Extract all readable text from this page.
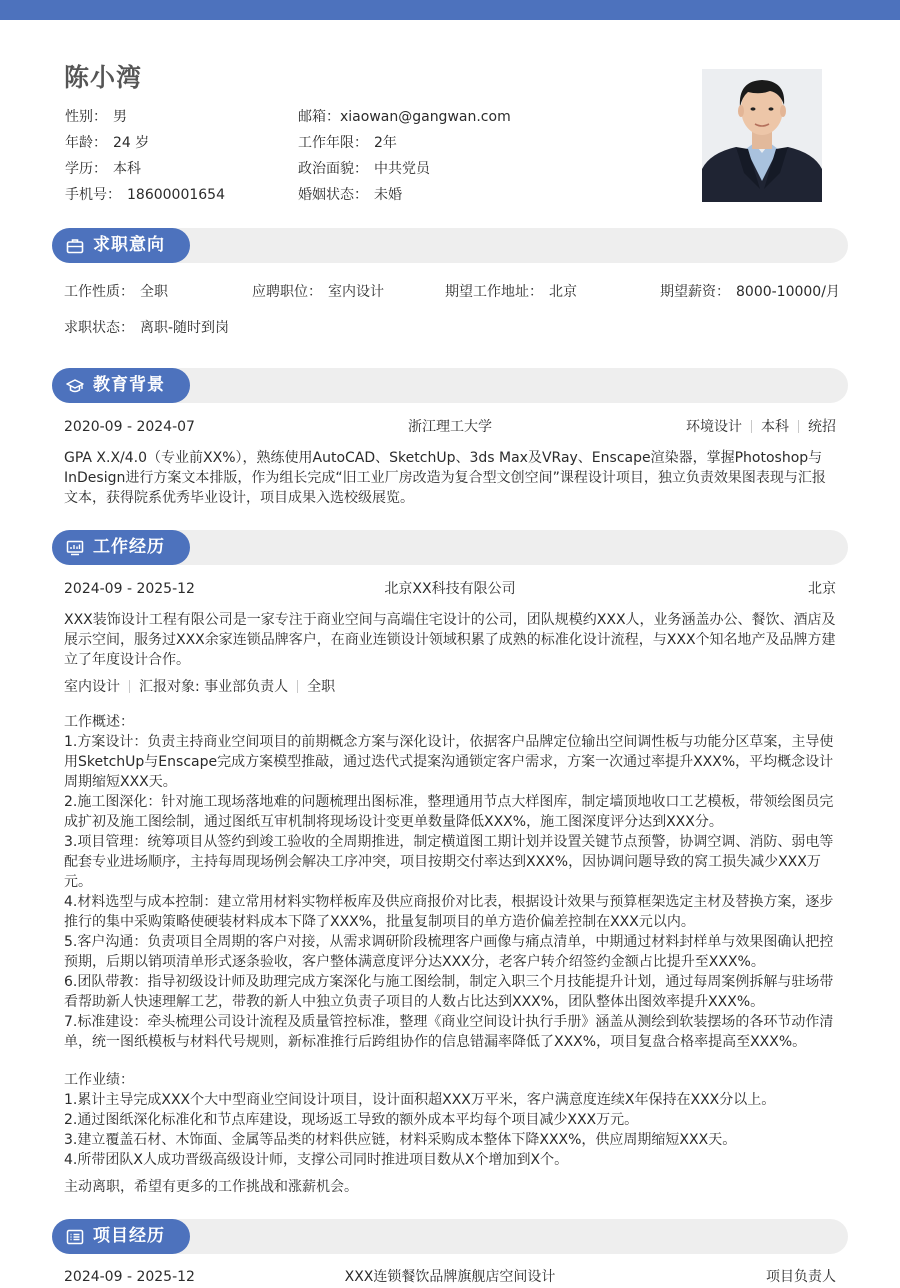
陈小湾
性别： 男
年龄： 24 岁
学历： 本科
手机号： 18600001654
邮箱：xiaowan@gangwan.com
工作年限： 2年
政治面貌： 中共党员
婚姻状态： 未婚
求职意向
工作性质： 全职	应聘职位： 室内设计	期望工作地址： 北京	期望薪资： 8000-10000/月
求职状态： 离职-随时到岗
教育背景
2020-09 - 2024-07	浙江理工大学	环境设计 本科 统招

GPA X.X/4.0（专业前XX%），熟练使用AutoCAD、SketchUp、3ds Max及VRay、Enscape渲染器，掌握Photoshop与InDesign进行方案文本排版，作为组长完成“旧工业厂房改造为复合型文创空间”课程设计项目，独立负责效果图表现与汇报文本，获得院系优秀毕业设计，项目成果入选校级展览。

工作经历
2024-09 - 2025-12	北京XX科技有限公司	北京

XXX装饰设计工程有限公司是一家专注于商业空间与高端住宅设计的公司，团队规模约XXX人，业务涵盖办公、餐饮、酒店及展示空间，服务过XXX余家连锁品牌客户，在商业连锁设计领域积累了成熟的标准化设计流程，与XXX个知名地产及品牌方建立了年度设计合作。

室内设计 汇报对象: 事业部负责人 全职

工作概述：

1.方案设计：负责主持商业空间项目的前期概念方案与深化设计，依据客户品牌定位输出空间调性板与功能分区草案，主导使用SketchUp与Enscape完成方案模型推敲，通过迭代式提案沟通锁定客户需求，方案一次通过率提升XXX%，平均概念设计周期缩短XXX天。

2.施工图深化：针对施工现场落地难的问题梳理出图标准，整理通用节点大样图库，制定墙顶地收口工艺模板，带领绘图员完成扩初及施工图绘制，通过图纸互审机制将现场设计变更单数量降低XXX%，施工图深度评分达到XXX分。

3.项目管理：统筹项目从签约到竣工验收的全周期推进，制定横道图工期计划并设置关键节点预警，协调空调、消防、弱电等配套专业进场顺序，主持每周现场例会解决工序冲突，项目按期交付率达到XXX%，因协调问题导致的窝工损失减少XXX万元。

4.材料选型与成本控制：建立常用材料实物样板库及供应商报价对比表，根据设计效果与预算框架选定主材及替换方案，逐步推行的集中采购策略使硬装材料成本下降了XXX%，批量复制项目的单方造价偏差控制在XXX元以内。

5.客户沟通：负责项目全周期的客户对接，从需求调研阶段梳理客户画像与痛点清单，中期通过材料封样单与效果图确认把控预期，后期以销项清单形式逐条验收，客户整体满意度评分达XXX分，老客户转介绍签约金额占比提升至XXX%。

6.团队带教：指导初级设计师及助理完成方案深化与施工图绘制，制定入职三个月技能提升计划，通过每周案例拆解与驻场带看帮助新人快速理解工艺，带教的新人中独立负责子项目的人数占比达到XXX%，团队整体出图效率提升XXX%。

7.标准建设：牵头梳理公司设计流程及质量管控标准，整理《商业空间设计执行手册》涵盖从测绘到软装摆场的各环节动作清单，统一图纸模板与材料代号规则，新标准推行后跨组协作的信息错漏率降低了XXX%，项目复盘合格率提高至XXX%。

工作业绩：

1.累计主导完成XXX个大中型商业空间设计项目，设计面积超XXX万平米，客户满意度连续X年保持在XXX分以上。

2.通过图纸深化标准化和节点库建设，现场返工导致的额外成本平均每个项目减少XXX万元。

3.建立覆盖石材、木饰面、金属等品类的材料供应链，材料采购成本整体下降XXX%，供应周期缩短XXX天。

4.所带团队X人成功晋级高级设计师，支撑公司同时推进项目数从X个增加到X个。

主动离职，希望有更多的工作挑战和涨薪机会。

项目经历
2024-09 - 2025-12	XXX连锁餐饮品牌旗舰店空间设计	项目负责人
